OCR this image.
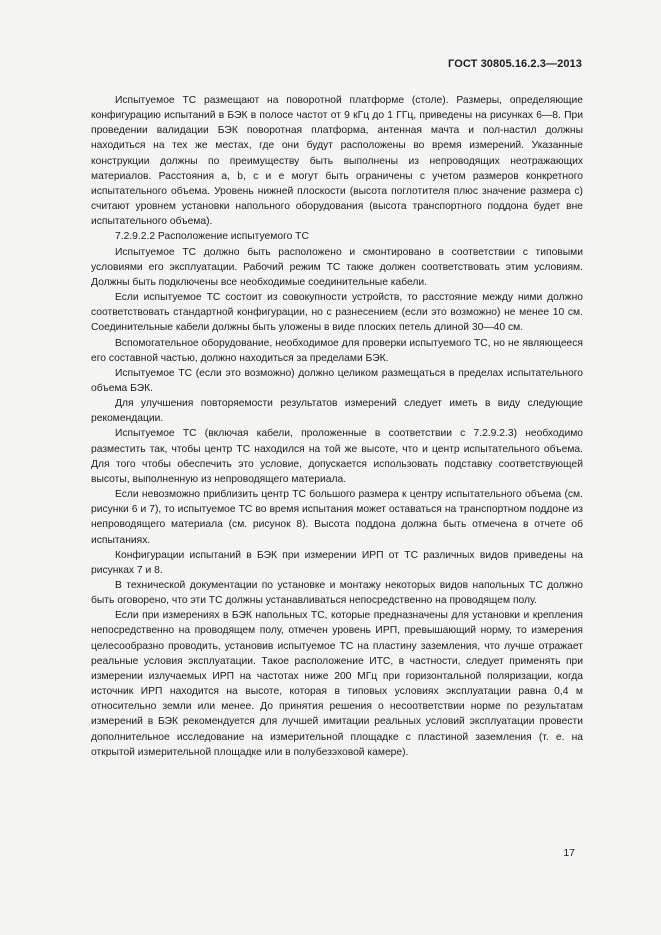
ГОСТ 30805.16.2.3—2013

Испытуемое ТС размещают на поворотной платформе (столе). Размеры, определяющие конфигурацию испытаний в БЭК в полосе частот от 9 кГц до 1 ГГц, приведены на рисунках 6—8. При проведении валидации БЭК поворотная платформа, антенная мачта и пол-настил должны находиться на тех же местах, где они будут расположены во время измерений. Указанные конструкции должны по преимуществу быть выполнены из непроводящих неотражающих материалов. Расстояния a, b, c и e могут быть ограничены с учетом размеров конкретного испытательного объема. Уровень нижней плоскости (высота поглотителя плюс значение размера c) считают уровнем установки напольного оборудования (высота транспортного поддона будет вне испытательного объема).

7.2.9.2.2 Расположение испытуемого ТС

Испытуемое ТС должно быть расположено и смонтировано в соответствии с типовыми условиями его эксплуатации. Рабочий режим ТС также должен соответствовать этим условиям. Должны быть подключены все необходимые соединительные кабели.

Если испытуемое ТС состоит из совокупности устройств, то расстояние между ними должно соответствовать стандартной конфигурации, но с разнесением (если это возможно) не менее 10 см. Соединительные кабели должны быть уложены в виде плоских петель длиной 30—40 см.

Вспомогательное оборудование, необходимое для проверки испытуемого ТС, но не являющееся его составной частью, должно находиться за пределами БЭК.

Испытуемое ТС (если это возможно) должно целиком размещаться в пределах испытательного объема БЭК.

Для улучшения повторяемости результатов измерений следует иметь в виду следующие рекомендации.

Испытуемое ТС (включая кабели, проложенные в соответствии с 7.2.9.2.3) необходимо разместить так, чтобы центр ТС находился на той же высоте, что и центр испытательного объема. Для того чтобы обеспечить это условие, допускается использовать подставку соответствующей высоты, выполненную из непроводящего материала.

Если невозможно приблизить центр ТС большого размера к центру испытательного объема (см. рисунки 6 и 7), то испытуемое ТС во время испытания может оставаться на транспортном поддоне из непроводящего материала (см. рисунок 8). Высота поддона должна быть отмечена в отчете об испытаниях.

Конфигурации испытаний в БЭК при измерении ИРП от ТС различных видов приведены на рисунках 7 и 8.

В технической документации по установке и монтажу некоторых видов напольных ТС должно быть оговорено, что эти ТС должны устанавливаться непосредственно на проводящем полу.

Если при измерениях в БЭК напольных ТС, которые предназначены для установки и крепления непосредственно на проводящем полу, отмечен уровень ИРП, превышающий норму, то измерения целесообразно проводить, установив испытуемое ТС на пластину заземления, что лучше отражает реальные условия эксплуатации. Такое расположение ИТС, в частности, следует применять при измерении излучаемых ИРП на частотах ниже 200 МГц при горизонтальной поляризации, когда источник ИРП находится на высоте, которая в типовых условиях эксплуатации равна 0,4 м относительно земли или менее. До принятия решения о несоответствии норме по результатам измерений в БЭК рекомендуется для лучшей имитации реальных условий эксплуатации провести дополнительное исследование на измерительной площадке с пластиной заземления (т. е. на открытой измерительной площадке или в полубезэховой камере).

17
